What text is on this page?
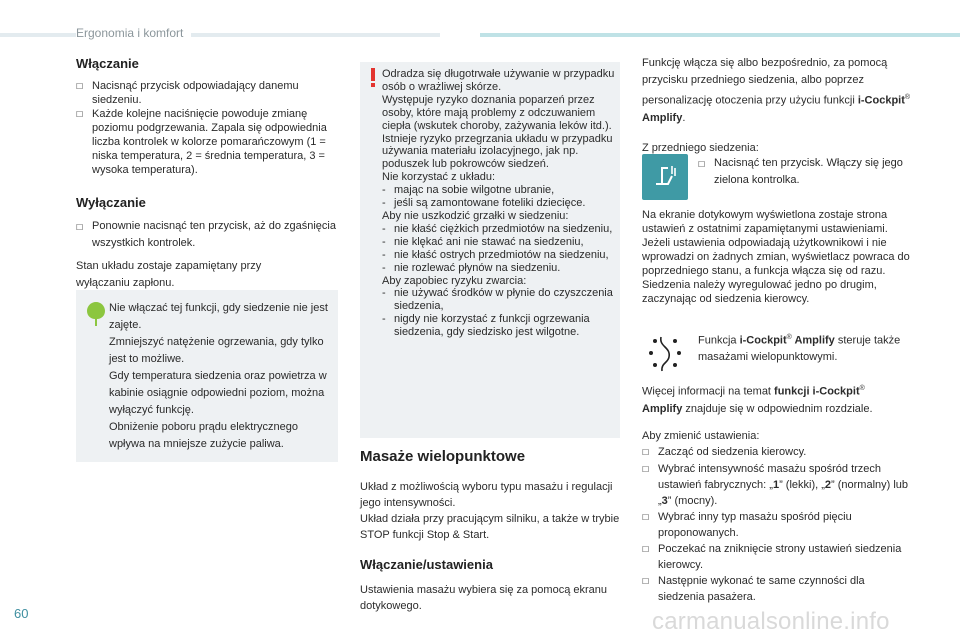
Ergonomia i komfort
Włączanie
☐ Nacisnąć przycisk odpowiadający danemu siedzeniu.
☐ Każde kolejne naciśnięcie powoduje zmianę poziomu podgrzewania. Zapala się odpowiednia liczba kontrolek w kolorze pomarańczowym (1 = niska temperatura, 2 = średnia temperatura, 3 = wysoka temperatura).
Wyłączanie
☐ Ponownie nacisnąć ten przycisk, aż do zgaśnięcia wszystkich kontrolek.
Stan układu zostaje zapamiętany przy wyłączaniu zapłonu.
Nie włączać tej funkcji, gdy siedzenie nie jest zajęte.
Zmniejszyć natężenie ogrzewania, gdy tylko jest to możliwe.
Gdy temperatura siedzenia oraz powietrza w kabinie osiągnie odpowiedni poziom, można wyłączyć funkcję.
Obniżenie poboru prądu elektrycznego wpływa na mniejsze zużycie paliwa.
Odradza się długotrwałe używanie w przypadku osób o wrażliwej skórze.
Występuje ryzyko doznania poparzeń przez osoby, które mają problemy z odczuwaniem ciepła (wskutek choroby, zażywania leków itd.).
Istnieje ryzyko przegrzania układu w przypadku używania materiału izolacyjnego, jak np. poduszek lub pokrowców siedzeń.
Nie korzystać z układu:
- mając na sobie wilgotne ubranie,
- jeśli są zamontowane foteliki dziecięce.
Aby nie uszkodzić grzałki w siedzeniu:
- nie kłaść ciężkich przedmiotów na siedzeniu,
- nie klękać ani nie stawać na siedzeniu,
- nie kłaść ostrych przedmiotów na siedzeniu,
- nie rozlewać płynów na siedzeniu.
Aby zapobiec ryzyku zwarcia:
- nie używać środków w płynie do czyszczenia siedzenia,
- nigdy nie korzystać z funkcji ogrzewania siedzenia, gdy siedzisko jest wilgotne.
Masaże wielopunktowe
Układ z możliwością wyboru typu masażu i regulacji jego intensywności.
Układ działa przy pracującym silniku, a także w trybie STOP funkcji Stop & Start.
Włączanie/ustawienia
Ustawienia masażu wybiera się za pomocą ekranu dotykowego.
Funkcję włącza się albo bezpośrednio, za pomocą przycisku przedniego siedzenia, albo poprzez personalizację otoczenia przy użyciu funkcji i-Cockpit® Amplify.
Z przedniego siedzenia:
☐ Nacisnąć ten przycisk. Włączy się jego zielona kontrolka.
Na ekranie dotykowym wyświetlona zostaje strona ustawień z ostatnimi zapamiętanymi ustawieniami.
Jeżeli ustawienia odpowiadają użytkownikowi i nie wprowadzi on żadnych zmian, wyświetlacz powraca do poprzedniego stanu, a funkcja włącza się od razu.
Siedzenia należy wyregulować jedno po drugim, zaczynając od siedzenia kierowcy.
Funkcja i-Cockpit® Amplify steruje także masażami wielopunktowymi.
Więcej informacji na temat funkcji i-Cockpit®
Amplify znajduje się w odpowiednim rozdziale.
Aby zmienić ustawienia:
☐ Zacząć od siedzenia kierowcy.
☐ Wybrać intensywność masażu spośród trzech ustawień fabrycznych: „1” (lekki), „2” (normalny) lub „3” (mocny).
☐ Wybrać inny typ masażu spośród pięciu proponowanych.
☐ Poczekać na zniknięcie strony ustawień siedzenia kierowcy.
☐ Następnie wykonać te same czynności dla siedzenia pasażera.
60	carmanualsonline.info
